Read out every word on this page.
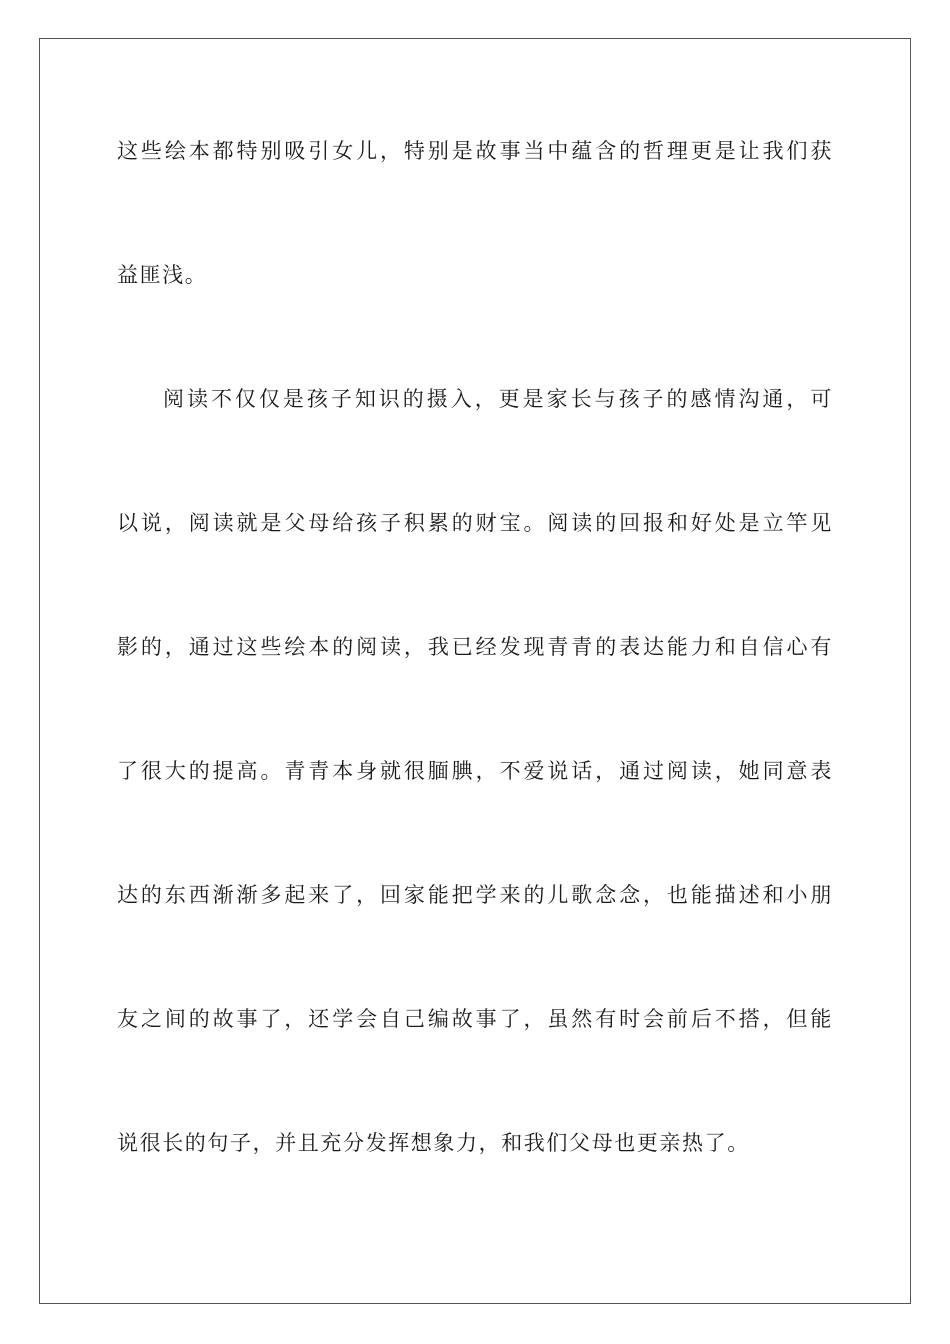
这些绘本都特别吸引女儿，特别是故事当中蕴含的哲理更是让我们获
益匪浅。
阅读不仅仅是孩子知识的摄入，更是家长与孩子的感情沟通，可
以说，阅读就是父母给孩子积累的财宝。阅读的回报和好处是立竿见
影的，通过这些绘本的阅读，我已经发现青青的表达能力和自信心有
了很大的提高。青青本身就很腼腆，不爱说话，通过阅读，她同意表
达的东西渐渐多起来了，回家能把学来的儿歌念念，也能描述和小朋
友之间的故事了，还学会自己编故事了，虽然有时会前后不搭，但能
说很长的句子，并且充分发挥想象力，和我们父母也更亲热了。
